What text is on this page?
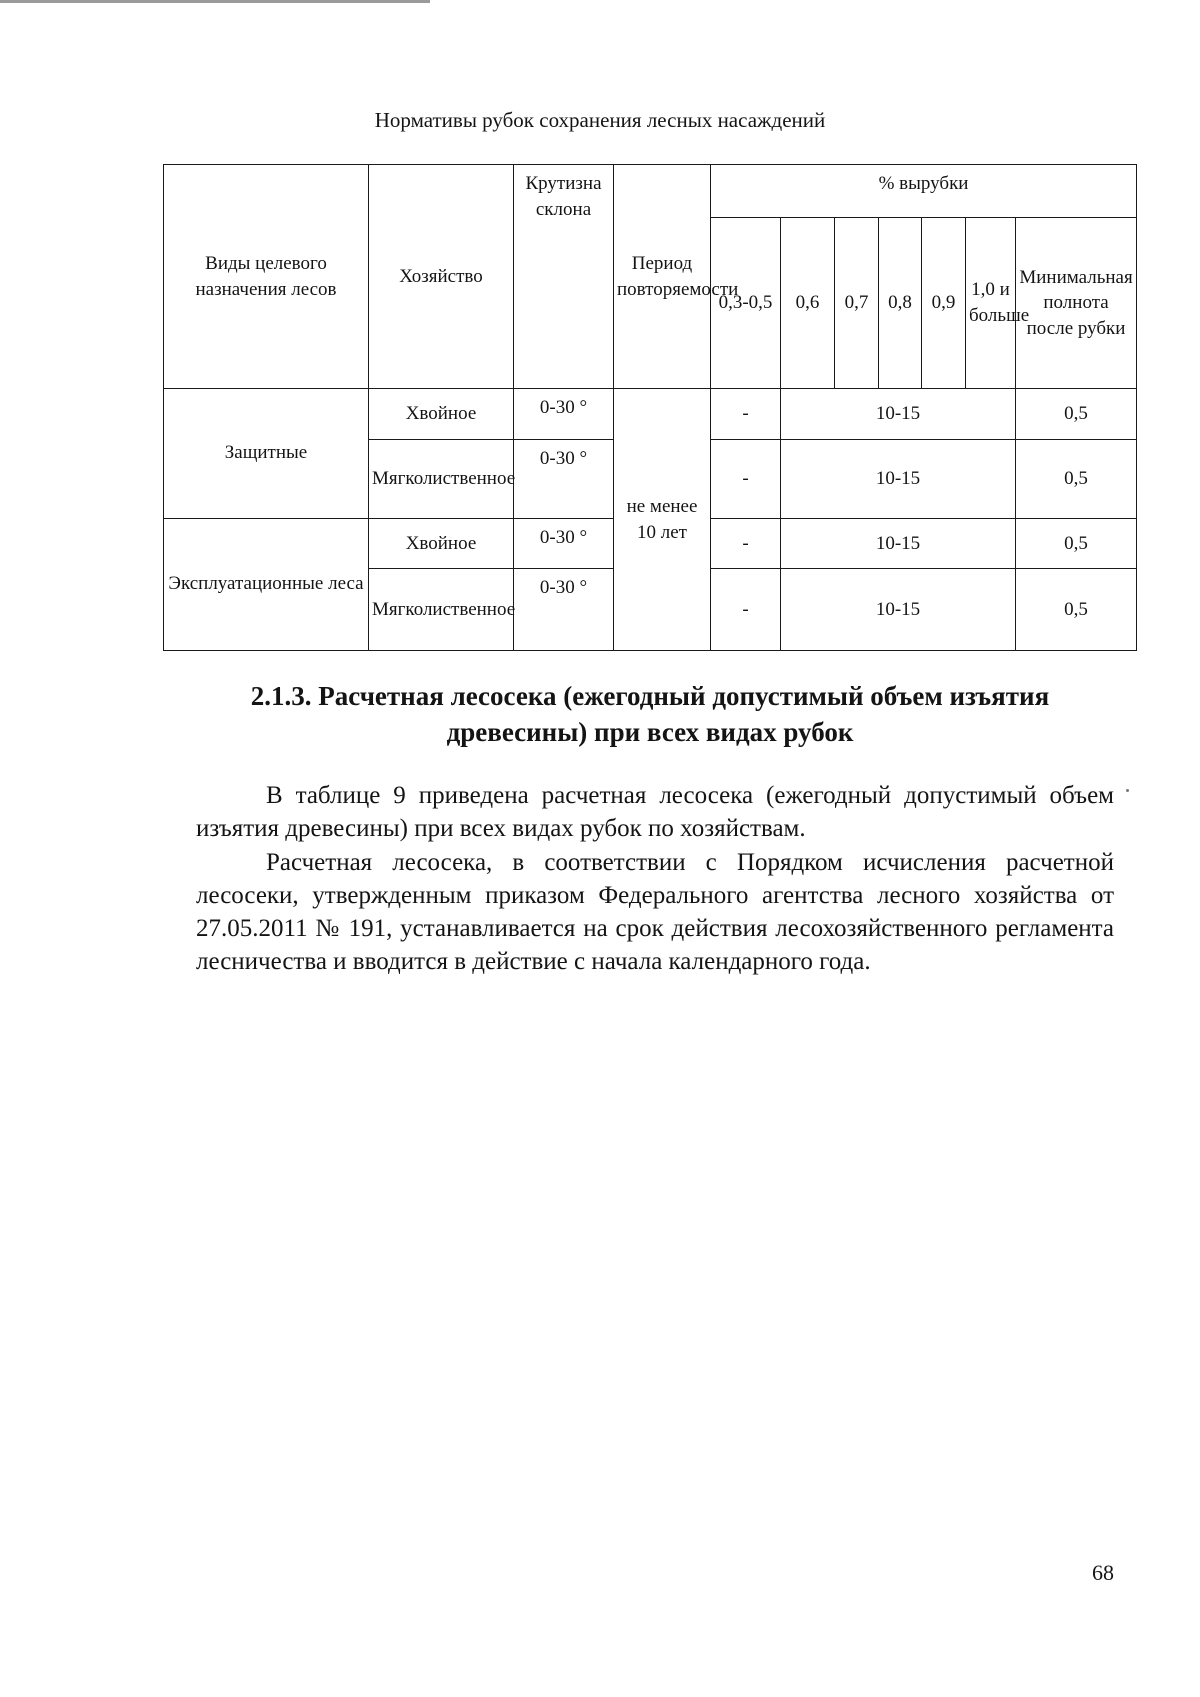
Нормативы рубок сохранения лесных насаждений
Виды целевого назначения лесов	Хозяйство	Крутизна склона	Период повторяемости	% вырубки						
				0,3-0,5	0,6	0,7	0,8	0,9	1,0 и больше	Минимальная полнота после рубки
Защитные	Хвойное	0-30 °	не менее 10 лет	-	10-15					0,5
	Мягколиственное	0-30 °		-	10-15					0,5
Эксплуатационные леса	Хвойное	0-30 °		-	10-15					0,5
	Мягколиственное	0-30 °		-	10-15					0,5
2.1.3. Расчетная лесосека (ежегодный допустимый объем изъятия древесины) при всех видах рубок

В таблице 9 приведена расчетная лесосека (ежегодный допустимый объем изъятия древесины) при всех видах рубок по хозяйствам.

Расчетная лесосека, в соответствии с Порядком исчисления расчетной лесосеки, утвержденным приказом Федерального агентства лесного хозяйства от 27.05.2011 № 191, устанавливается на срок действия лесохозяйственного регламента лесничества и вводится в действие с начала календарного года.

68
